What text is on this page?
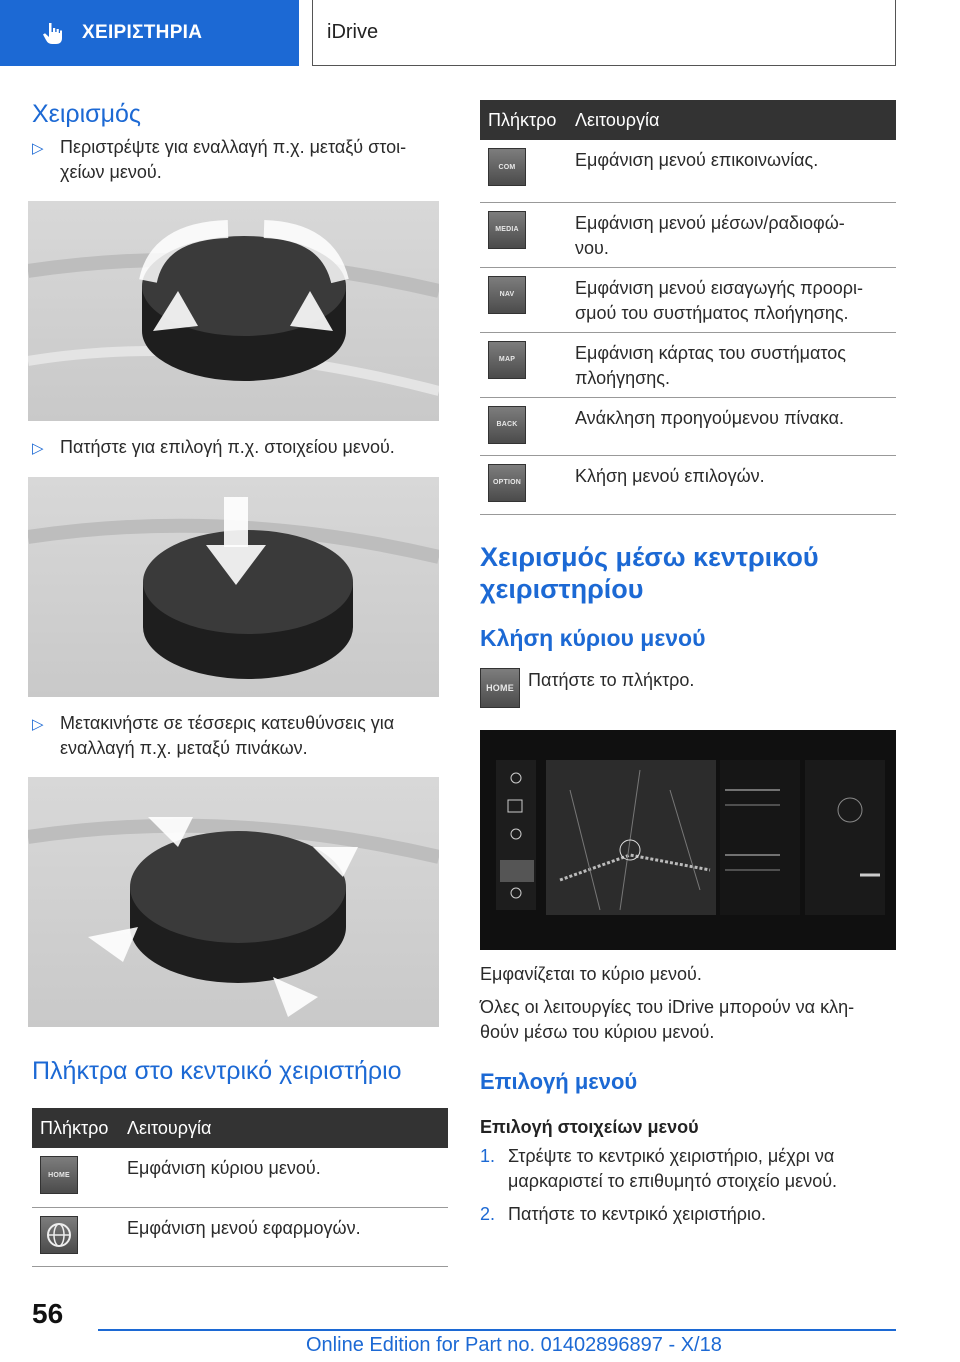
ΧΕΙΡΙΣΤΗΡΙΑ	iDrive
Χειρισμός
▷ Περιστρέψτε για εναλλαγή π.χ. μεταξύ στοι-
χείων μενού.
▷ Πατήστε για επιλογή π.χ. στοιχείου μενού.
▷ Μετακινήστε σε τέσσερις κατευθύνσεις για
εναλλαγή π.χ. μεταξύ πινάκων.
Πλήκτρα στο κεντρικό χειριστήριο
Πλήκτρο	Λειτουργία

HOME	Εμφάνιση κύριου μενού.

	Εμφάνιση μενού εφαρμογών.
Πλήκτρο	Λειτουργία

COM	Εμφάνιση μενού επικοινωνίας.

MEDIA	Εμφάνιση μενού μέσων/ραδιοφώ-
νου.

NAV	Εμφάνιση μενού εισαγωγής προορι-
σμού του συστήματος πλοήγησης.

MAP	Εμφάνιση κάρτας του συστήματος
πλοήγησης.

BACK	Ανάκληση προηγούμενου πίνακα.

OPTION	Κλήση μενού επιλογών.
Χειρισμός μέσω κεντρικού
χειριστηρίου
Κλήση κύριου μενού
HOME Πατήστε το πλήκτρο.
Εμφανίζεται το κύριο μενού.
Όλες οι λειτουργίες του iDrive μπορούν να κλη-
θούν μέσω του κύριου μενού.
Επιλογή μενού
Επιλογή στοιχείων μενού
1. Στρέψτε το κεντρικό χειριστήριο, μέχρι να
μαρκαριστεί το επιθυμητό στοιχείο μενού.
2. Πατήστε το κεντρικό χειριστήριο.
56
Online Edition for Part no. 01402896897 - X/18
